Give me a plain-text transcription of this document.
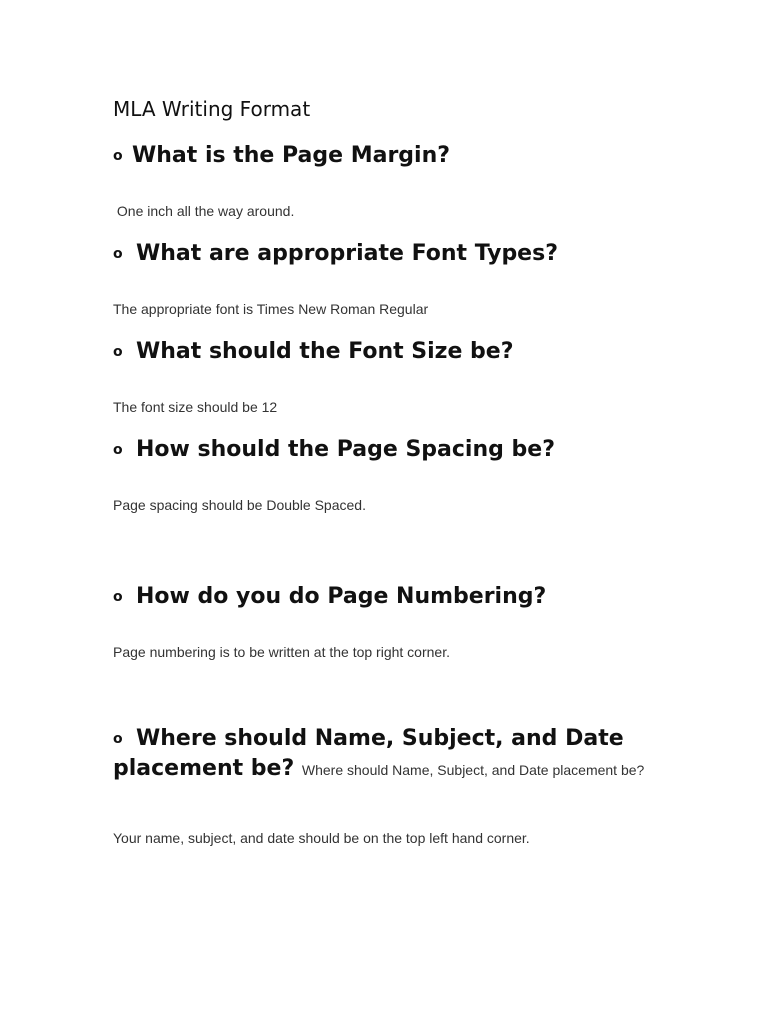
MLA Writing Format
o What is the Page Margin?
One inch all the way around.
o What are appropriate Font Types?
The appropriate font is Times New Roman Regular
o What should the Font Size be?
The font size should be 12
o How should the Page Spacing be?
Page spacing should be Double Spaced.
o How do you do Page Numbering?
Page numbering is to be written at the top right corner.
o Where should Name, Subject, and Date placement be? Where should Name, Subject, and Date placement be?
Your name, subject, and date should be on the top left hand corner.
